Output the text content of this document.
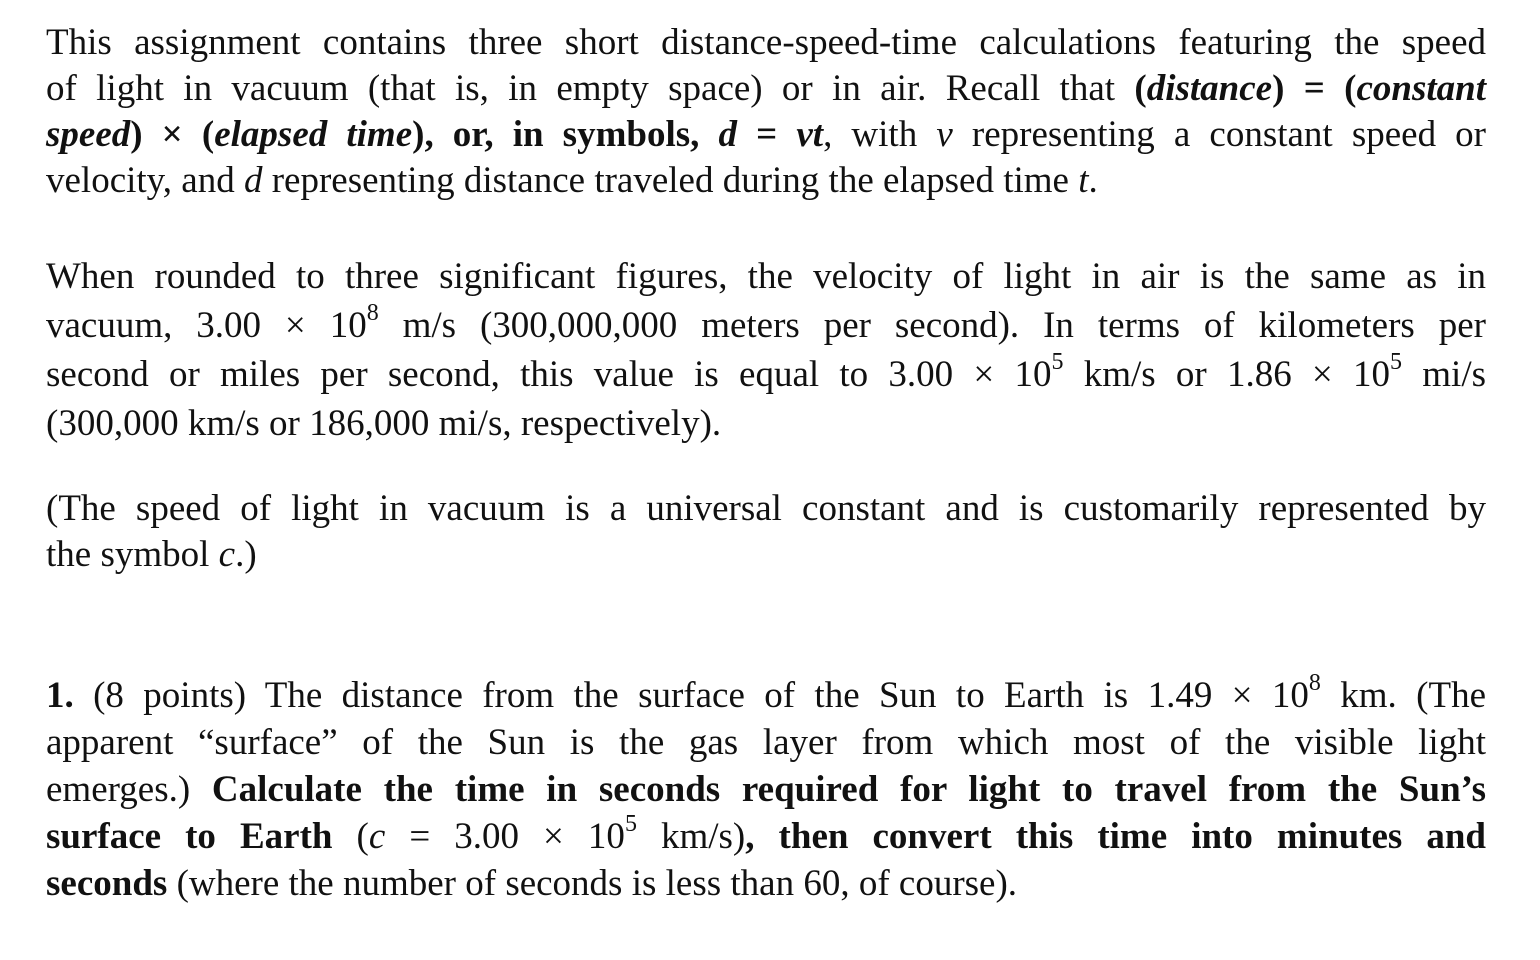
This assignment contains three short distance-speed-time calculations featuring the speed
of light in vacuum (that is, in empty space) or in air. Recall that (distance) = (constant
speed) × (elapsed time), or, in symbols, d = vt, with v representing a constant speed or
velocity, and d representing distance traveled during the elapsed time t.
When rounded to three significant figures, the velocity of light in air is the same as in
vacuum, $3.00 \times 10^8$ m/s (300,000,000 meters per second). In terms of kilometers per
second or miles per second, this value is equal to $3.00 \times 10^5$ km/s or $1.86 \times 10^5$ mi/s
(300,000 km/s or 186,000 mi/s, respectively).
(The speed of light in vacuum is a universal constant and is customarily represented by
the symbol c.)
1. (8 points) The distance from the surface of the Sun to Earth is $1.49 \times 10^8$ km. (The
apparent “surface” of the Sun is the gas layer from which most of the visible light
emerges.) Calculate the time in seconds required for light to travel from the Sun’s
surface to Earth ($c = 3.00 \times 10^5$ km/s), then convert this time into minutes and
seconds (where the number of seconds is less than 60, of course).
